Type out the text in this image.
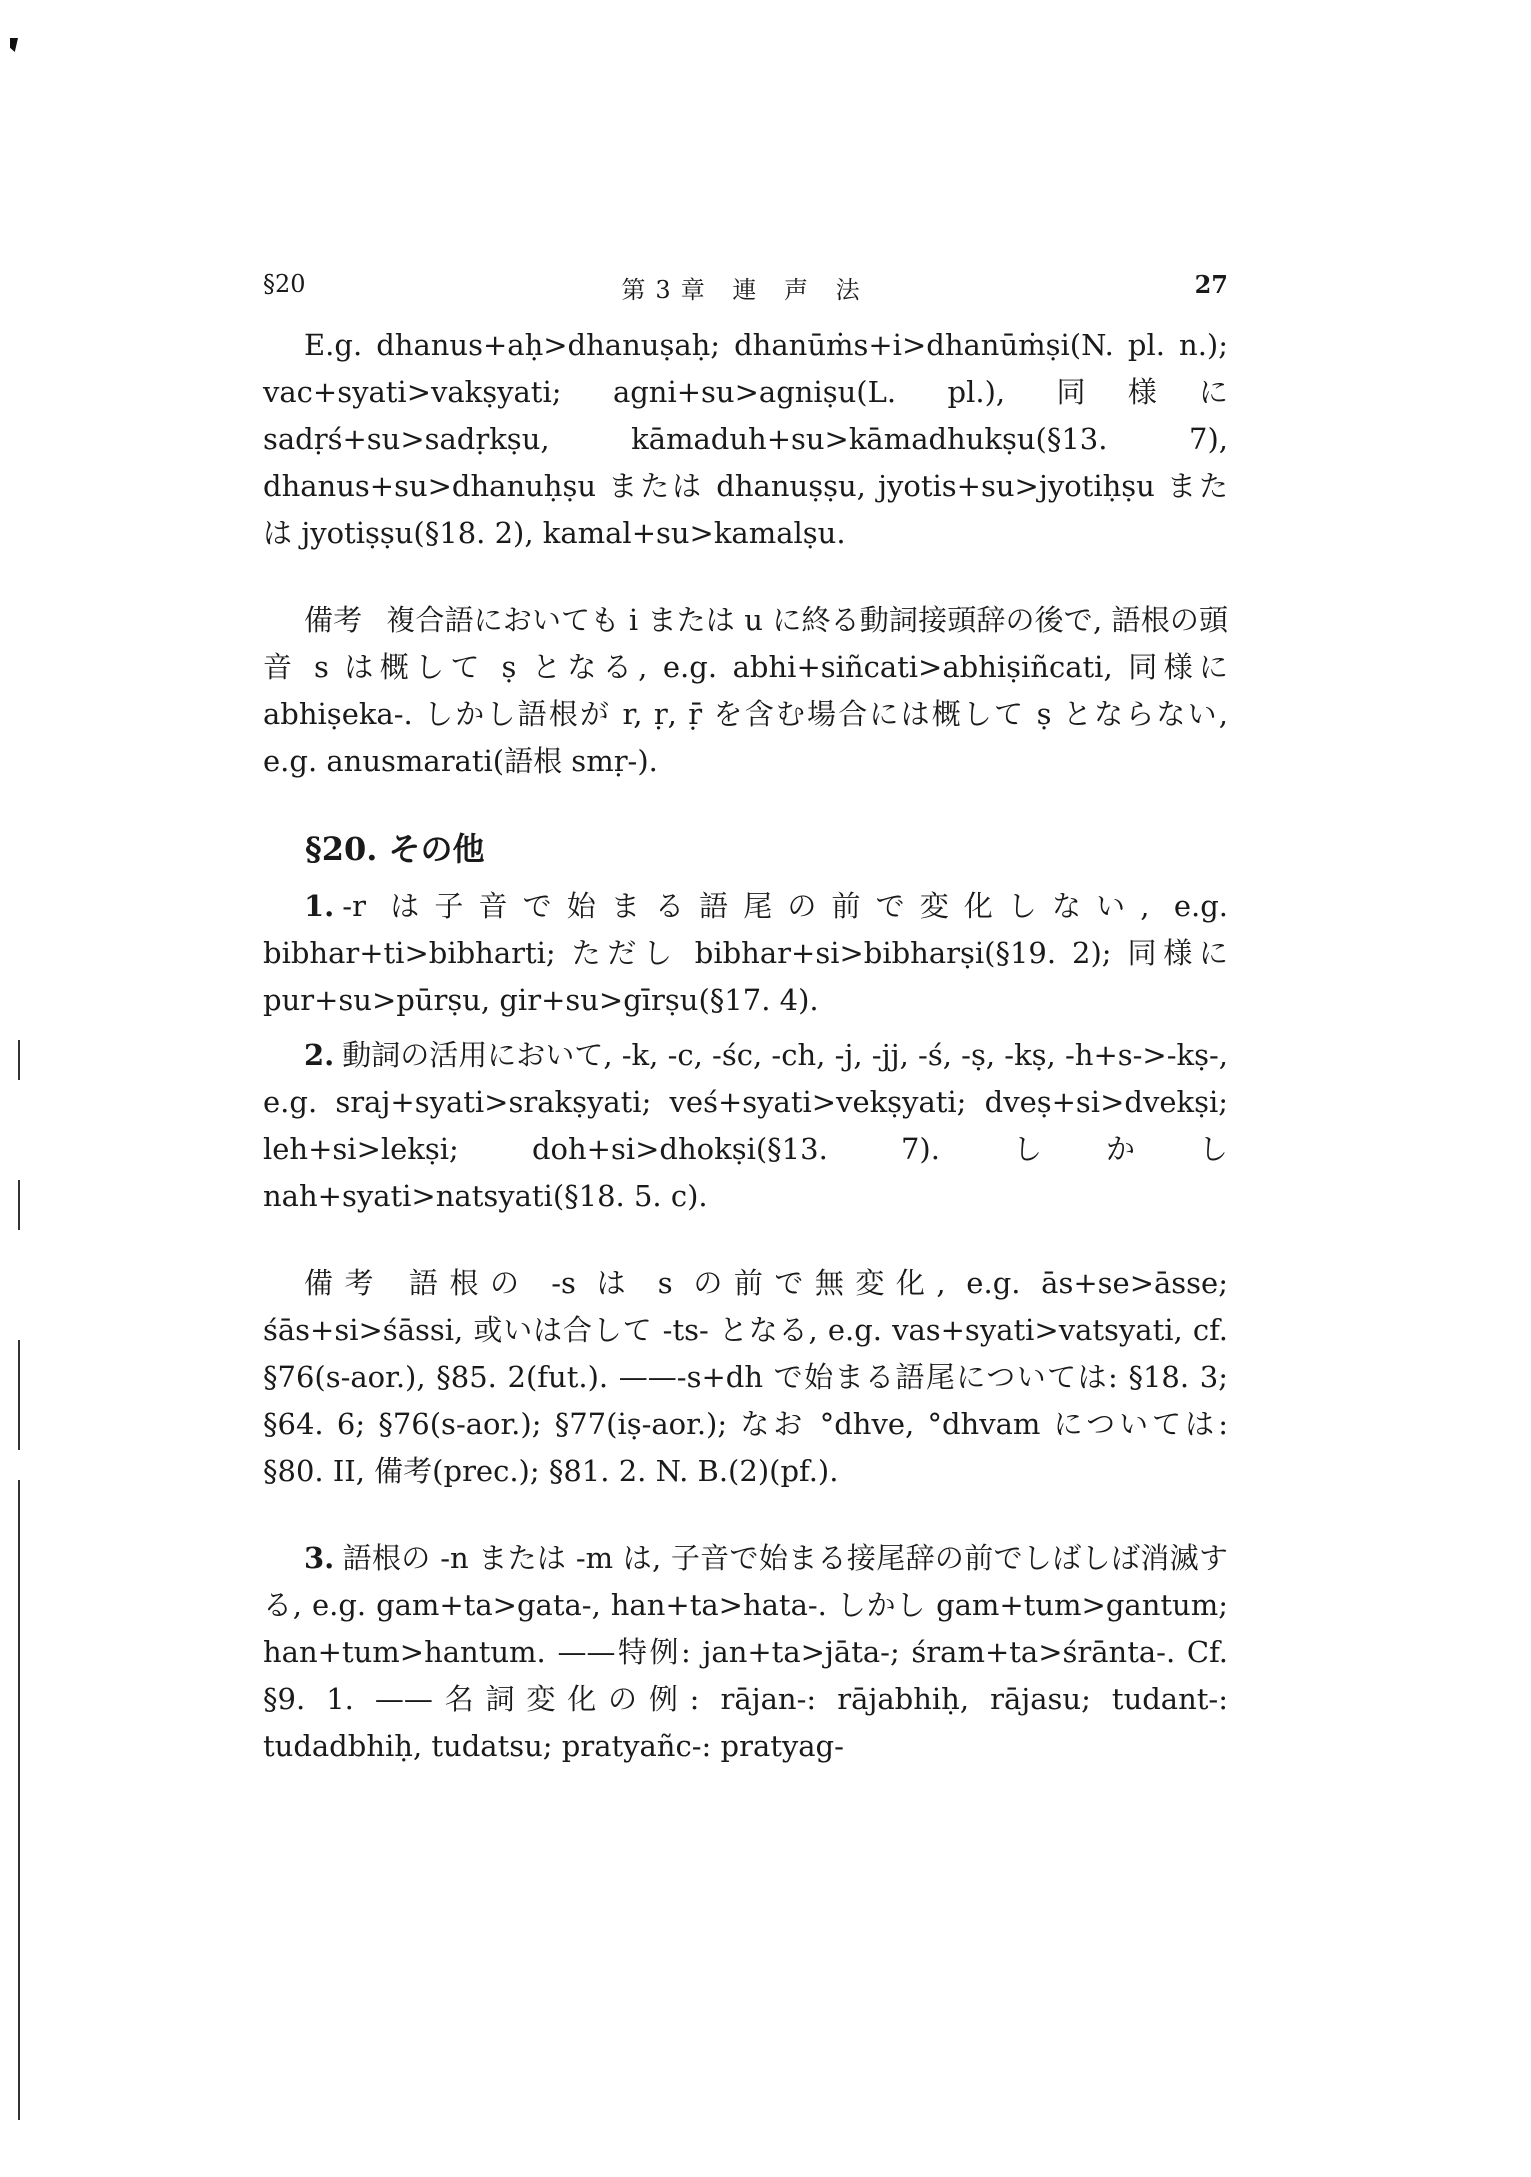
§20	第3章 連 声 法	27

E.g. dhanus+aḥ>dhanuṣaḥ; dhanūṁs+i>dhanūṁṣi(N. pl. n.); vac+syati>vakṣyati; agni+su>agniṣu(L. pl.), 同様に sadṛś+su>sadṛkṣu, kāmaduh+su>kāmadhukṣu(§13. 7), dhanus+su>dhanuḥṣu または dhanuṣṣu, jyotis+su>jyotiḥṣu または jyotiṣṣu(§18. 2), kamal+su>kamalṣu.

備考 複合語においても i または u に終る動詞接頭辞の後で, 語根の頭音 s は概して ṣ となる, e.g. abhi+siñcati>abhiṣiñcati, 同様に abhiṣeka-. しかし語根が r, ṛ, ṝ を含む場合には概して ṣ とならない, e.g. anusmarati(語根 smṛ-).

§20. その他

1. -r は子音で始まる語尾の前で変化しない, e.g. bibhar+ti>bibharti; ただし bibhar+si>bibharṣi(§19. 2); 同様に pur+su>pūrṣu, gir+su>gīrṣu(§17. 4).

2. 動詞の活用において, -k, -c, -śc, -ch, -j, -jj, -ś, -ṣ, -kṣ, -h+s->-kṣ-, e.g. sraj+syati>srakṣyati; veś+syati>vekṣyati; dveṣ+si>dvekṣi; leh+si>lekṣi; doh+si>dhokṣi(§13. 7). しかし nah+syati>natsyati(§18. 5. c).

備考 語根の -s は s の前で無変化, e.g. ās+se>āsse; śās+si>śāssi, 或いは合して -ts- となる, e.g. vas+syati>vatsyati, cf. §76(s-aor.), §85. 2(fut.). ——-s+dh で始まる語尾については: §18. 3; §64. 6; §76(s-aor.); §77(iṣ-aor.); なお °dhve, °dhvam については: §80. II, 備考(prec.); §81. 2. N. B.(2)(pf.).

3. 語根の -n または -m は, 子音で始まる接尾辞の前でしばしば消滅する, e.g. gam+ta>gata-, han+ta>hata-. しかし gam+tum>gantum; han+tum>hantum. ——特例: jan+ta>jāta-; śram+ta>śrānta-. Cf. §9. 1. ——名詞変化の例: rājan-: rājabhiḥ, rājasu; tudant-: tudadbhiḥ, tudatsu; pratyañc-: pratyag-
